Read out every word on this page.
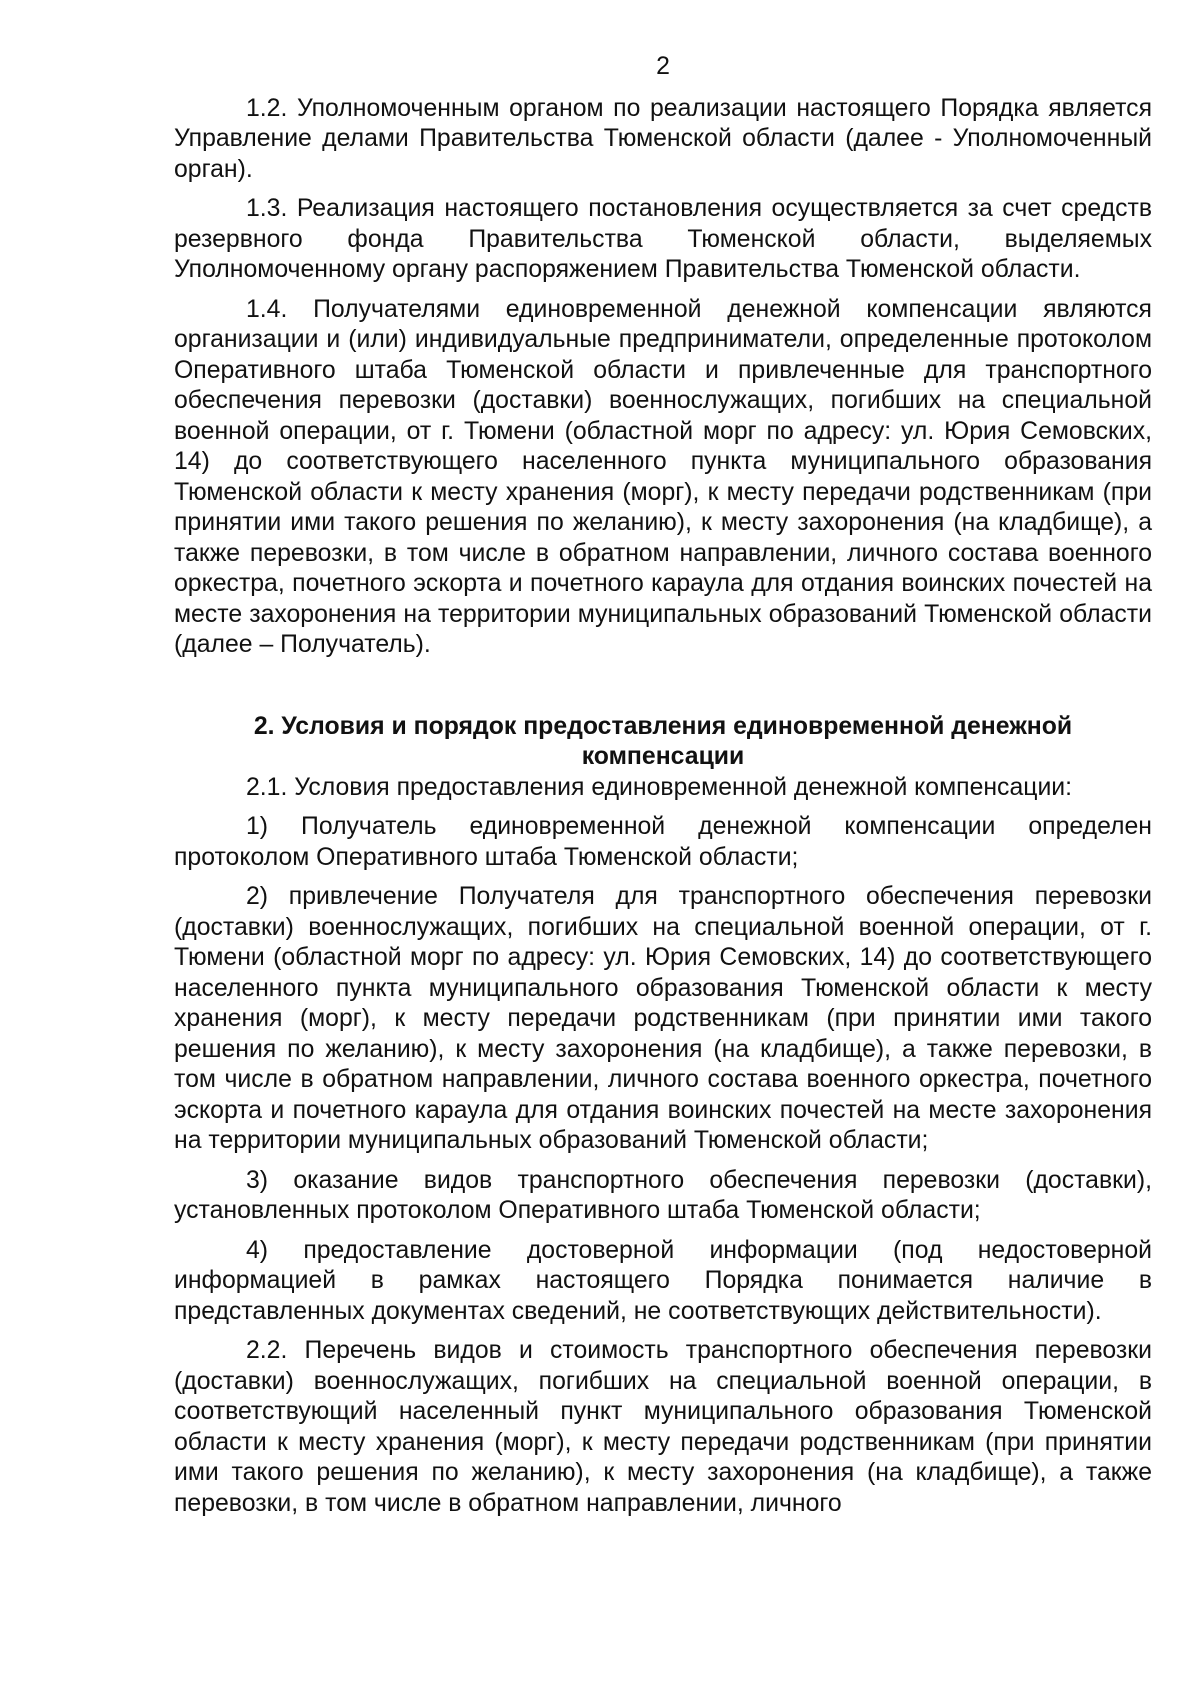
2

1.2. Уполномоченным органом по реализации настоящего Порядка является Управление делами Правительства Тюменской области (далее - Уполномоченный орган).

1.3. Реализация настоящего постановления осуществляется за счет средств резервного фонда Правительства Тюменской области, выделяемых Уполномоченному органу распоряжением Правительства Тюменской области.

1.4. Получателями единовременной денежной компенсации являются организации и (или) индивидуальные предприниматели, определенные протоколом Оперативного штаба Тюменской области и привлеченные для транспортного обеспечения перевозки (доставки) военнослужащих, погибших на специальной военной операции, от г. Тюмени (областной морг по адресу: ул. Юрия Семовских, 14) до соответствующего населенного пункта муниципального образования Тюменской области к месту хранения (морг), к месту передачи родственникам (при принятии ими такого решения по желанию), к месту захоронения (на кладбище), а также перевозки, в том числе в обратном направлении, личного состава военного оркестра, почетного эскорта и почетного караула для отдания воинских почестей на месте захоронения на территории муниципальных образований Тюменской области (далее – Получатель).

2. Условия и порядок предоставления единовременной денежной компенсации

2.1. Условия предоставления единовременной денежной компенсации:

1) Получатель единовременной денежной компенсации определен протоколом Оперативного штаба Тюменской области;

2) привлечение Получателя для транспортного обеспечения перевозки (доставки) военнослужащих, погибших на специальной военной операции, от г. Тюмени (областной морг по адресу: ул. Юрия Семовских, 14) до соответствующего населенного пункта муниципального образования Тюменской области к месту хранения (морг), к месту передачи родственникам (при принятии ими такого решения по желанию), к месту захоронения (на кладбище), а также перевозки, в том числе в обратном направлении, личного состава военного оркестра, почетного эскорта и почетного караула для отдания воинских почестей на месте захоронения на территории муниципальных образований Тюменской области;

3) оказание видов транспортного обеспечения перевозки (доставки), установленных протоколом Оперативного штаба Тюменской области;

4) предоставление достоверной информации (под недостоверной информацией в рамках настоящего Порядка понимается наличие в представленных документах сведений, не соответствующих действительности).

2.2. Перечень видов и стоимость транспортного обеспечения перевозки (доставки) военнослужащих, погибших на специальной военной операции, в соответствующий населенный пункт муниципального образования Тюменской области к месту хранения (морг), к месту передачи родственникам (при принятии ими такого решения по желанию), к месту захоронения (на кладбище), а также перевозки, в том числе в обратном направлении, личного
